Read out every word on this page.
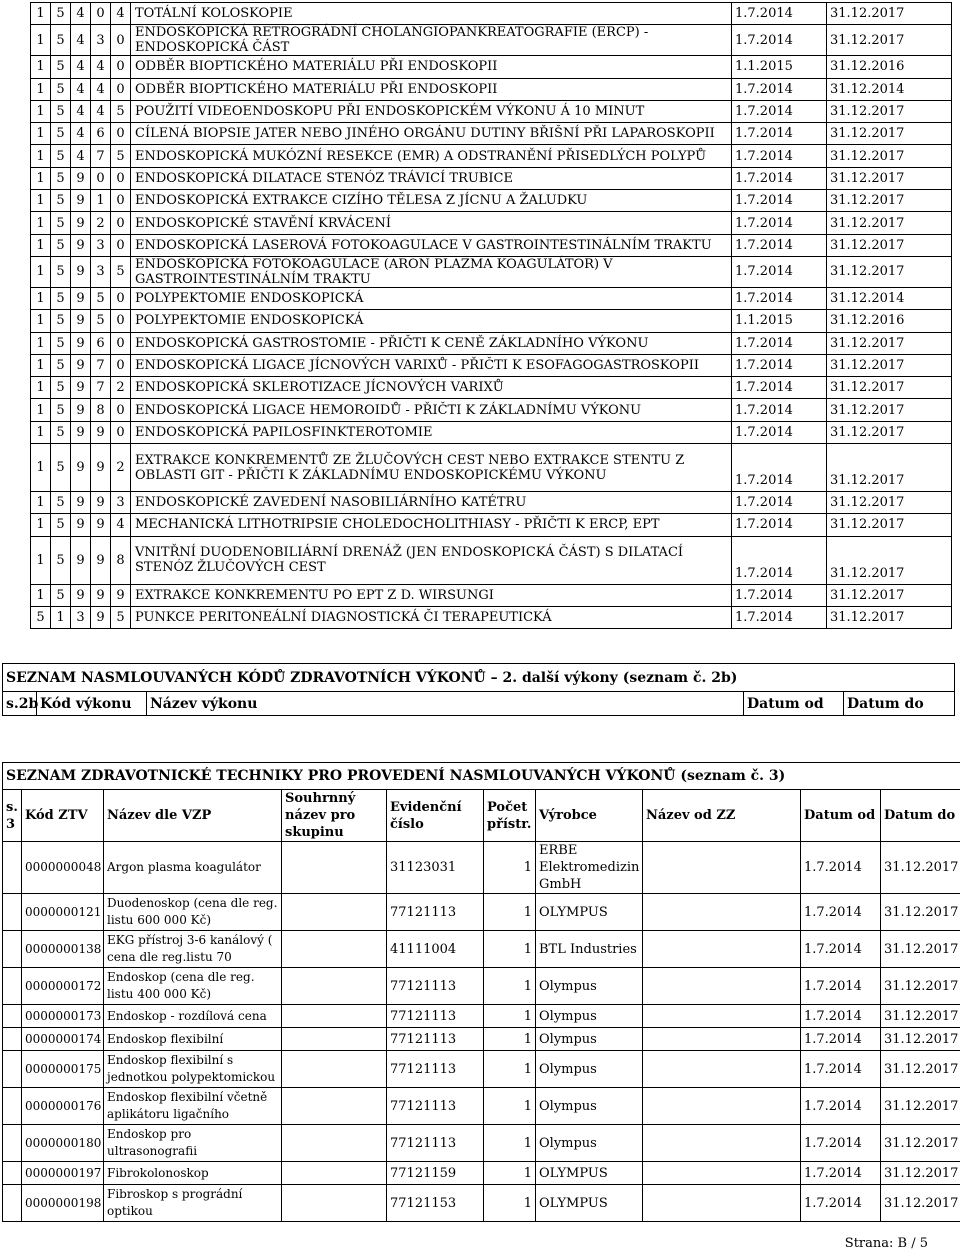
1	5	4	0	4	TOTÁLNÍ KOLOSKOPIE	1.7.2014	31.12.2017
1	5	4	3	0	ENDOSKOPICKÁ RETROGRÁDNÍ CHOLANGIOPANKREATOGRAFIE (ERCP) - ENDOSKOPICKÁ ČÁST	1.7.2014	31.12.2017
1	5	4	4	0	ODBĚR BIOPTICKÉHO MATERIÁLU PŘI ENDOSKOPII	1.1.2015	31.12.2016
1	5	4	4	0	ODBĚR BIOPTICKÉHO MATERIÁLU PŘI ENDOSKOPII	1.7.2014	31.12.2014
1	5	4	4	5	POUŽITÍ VIDEOENDOSKOPU PŘI ENDOSKOPICKÉM VÝKONU Á 10 MINUT	1.7.2014	31.12.2017
1	5	4	6	0	CÍLENÁ BIOPSIE JATER NEBO JINÉHO ORGÁNU DUTINY BŘIŠNÍ PŘI LAPAROSKOPII	1.7.2014	31.12.2017
1	5	4	7	5	ENDOSKOPICKÁ MUKÓZNÍ RESEKCE (EMR) A ODSTRANĚNÍ PŘISEDLÝCH POLYPŮ	1.7.2014	31.12.2017
1	5	9	0	0	ENDOSKOPICKÁ DILATACE STENÓZ TRÁVICÍ TRUBICE	1.7.2014	31.12.2017
1	5	9	1	0	ENDOSKOPICKÁ EXTRAKCE CIZÍHO TĚLESA Z JÍCNU A ŽALUDKU	1.7.2014	31.12.2017
1	5	9	2	0	ENDOSKOPICKÉ STAVĚNÍ KRVÁCENÍ	1.7.2014	31.12.2017
1	5	9	3	0	ENDOSKOPICKÁ LASEROVÁ FOTOKOAGULACE V GASTROINTESTINÁLNÍM TRAKTU	1.7.2014	31.12.2017
1	5	9	3	5	ENDOSKOPICKÁ FOTOKOAGULACE (ARON PLAZMA KOAGULÁTOR) V GASTROINTESTINÁLNÍM TRAKTU	1.7.2014	31.12.2017
1	5	9	5	0	POLYPEKTOMIE ENDOSKOPICKÁ	1.7.2014	31.12.2014
1	5	9	5	0	POLYPEKTOMIE ENDOSKOPICKÁ	1.1.2015	31.12.2016
1	5	9	6	0	ENDOSKOPICKÁ GASTROSTOMIE - PŘIČTI K CENĚ ZÁKLADNÍHO VÝKONU	1.7.2014	31.12.2017
1	5	9	7	0	ENDOSKOPICKÁ LIGACE JÍCNOVÝCH VARIXŮ - PŘIČTI K ESOFAGOGASTROSKOPII	1.7.2014	31.12.2017
1	5	9	7	2	ENDOSKOPICKÁ SKLEROTIZACE JÍCNOVÝCH VARIXŮ	1.7.2014	31.12.2017
1	5	9	8	0	ENDOSKOPICKÁ LIGACE HEMOROIDŮ - PŘIČTI K ZÁKLADNÍMU VÝKONU	1.7.2014	31.12.2017
1	5	9	9	0	ENDOSKOPICKÁ PAPILOSFINKTEROTOMIE	1.7.2014	31.12.2017
1	5	9	9	2	EXTRAKCE KONKREMENTŮ ZE ŽLUČOVÝCH CEST NEBO EXTRAKCE STENTU Z OBLASTI GIT - PŘIČTI K ZÁKLADNÍMU ENDOSKOPICKÉMU VÝKONU	1.7.2014	31.12.2017
1	5	9	9	3	ENDOSKOPICKÉ ZAVEDENÍ NASOBILIÁRNÍHO KATÉTRU	1.7.2014	31.12.2017
1	5	9	9	4	MECHANICKÁ LITHOTRIPSIE CHOLEDOCHOLITHIASY - PŘIČTI K ERCP, EPT	1.7.2014	31.12.2017
1	5	9	9	8	VNITŘNÍ DUODENOBILIÁRNÍ DRENÁŽ (JEN ENDOSKOPICKÁ ČÁST) S DILATACÍ STENÓZ ŽLUČOVÝCH CEST	1.7.2014	31.12.2017
1	5	9	9	9	EXTRAKCE KONKREMENTU PO EPT Z D. WIRSUNGI	1.7.2014	31.12.2017
5	1	3	9	5	PUNKCE PERITONEÁLNÍ DIAGNOSTICKÁ ČI TERAPEUTICKÁ	1.7.2014	31.12.2017
SEZNAM NASMLOUVANÝCH KÓDŮ ZDRAVOTNÍCH VÝKONŮ – 2. další výkony (seznam č. 2b)
s.2b	Kód výkonu	Název výkonu	Datum od	Datum do
SEZNAM ZDRAVOTNICKÉ TECHNIKY PRO PROVEDENÍ NASMLOUVANÝCH VÝKONŮ (seznam č. 3)									
s. 3	Kód ZTV	Název dle VZP	Souhrnný název pro skupinu	Evidenční číslo	Počet přístr.	Výrobce	Název od ZZ	Datum od	Datum do
	0000000048	Argon plasma koagulátor		31123031	1	ERBE Elektromedizin GmbH		1.7.2014	31.12.2017
	0000000121	Duodenoskop (cena dle reg. listu 600 000 Kč)		77121113	1	OLYMPUS		1.7.2014	31.12.2017
	0000000138	EKG přístroj 3-6 kanálový ( cena dle reg.listu 70		41111004	1	BTL Industries		1.7.2014	31.12.2017
	0000000172	Endoskop (cena dle reg. listu 400 000 Kč)		77121113	1	Olympus		1.7.2014	31.12.2017
	0000000173	Endoskop - rozdílová cena		77121113	1	Olympus		1.7.2014	31.12.2017
	0000000174	Endoskop flexibilní		77121113	1	Olympus		1.7.2014	31.12.2017
	0000000175	Endoskop flexibilní s jednotkou polypektomickou		77121113	1	Olympus		1.7.2014	31.12.2017
	0000000176	Endoskop flexibilní včetně aplikátoru ligačního		77121113	1	Olympus		1.7.2014	31.12.2017
	0000000180	Endoskop pro ultrasonografii		77121113	1	Olympus		1.7.2014	31.12.2017
	0000000197	Fibrokolonoskop		77121159	1	OLYMPUS		1.7.2014	31.12.2017
	0000000198	Fibroskop s prográdní optikou		77121153	1	OLYMPUS		1.7.2014	31.12.2017
Strana: B / 5
